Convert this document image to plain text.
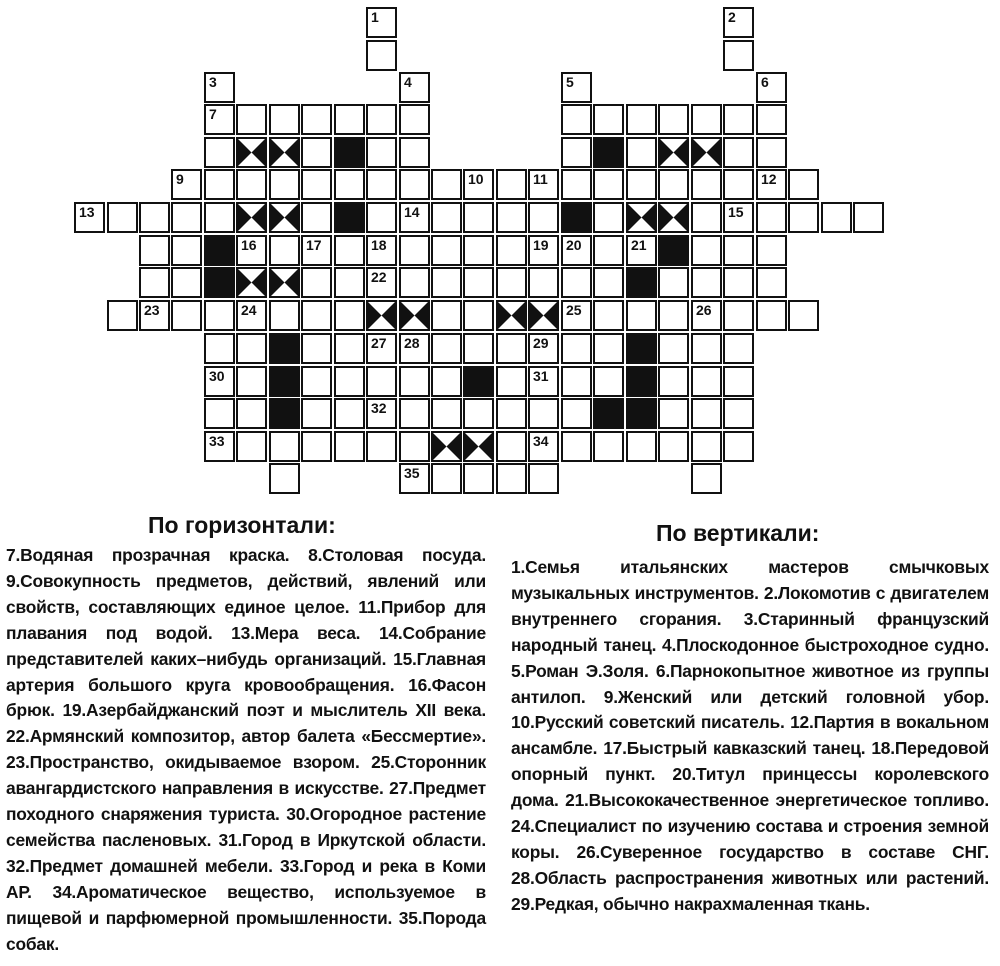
1	2
3	4	5	6
7
9	10	11	12
13	14	15
16	17	18	19 20	21
22
23	24	25	26
27 28	29
30	31
32
33	34
35
По горизонтали:	По вертикали:
7.Водяная прозрачная краска. 8.Столовая посуда. 9.Совокупность предметов, действий, явлений или свойств, составляющих единое целое. 11.Прибор для плавания под водой. 13.Мера веса. 14.Собрание представителей каких–нибудь организаций. 15.Главная артерия большого круга кровообращения. 16.Фасон брюк. 19.Азербайджанский поэт и мыслитель XII века. 22.Армянский композитор, автор балета «Бессмертие». 23.Пространство, окидываемое взором. 25.Сторонник авангардистского направления в искусстве. 27.Предмет походного снаряжения туриста. 30.Огородное растение семейства пасленовых. 31.Город в Иркутской области. 32.Предмет домашней мебели. 33.Город и река в Коми АР. 34.Ароматическое вещество, используемое в пищевой и парфюмерной промышленности. 35.Порода собак.
1.Семья итальянских мастеров смычковых музыкальных инструментов. 2.Локомотив с двигателем внутреннего сгорания. 3.Старинный французский народный танец. 4.Плоскодонное быстроходное судно. 5.Роман Э.Золя. 6.Парнокопытное животное из группы антилоп. 9.Женский или детский головной убор. 10.Русский советский писатель. 12.Партия в вокальном ансамбле. 17.Быстрый кавказский танец. 18.Передовой опорный пункт. 20.Титул принцессы королевского дома. 21.Высококачественное энергетическое топливо. 24.Специалист по изучению состава и строения земной коры. 26.Суверенное государство в составе СНГ. 28.Область распространения животных или растений. 29.Редкая, обычно накрахмаленная ткань.
